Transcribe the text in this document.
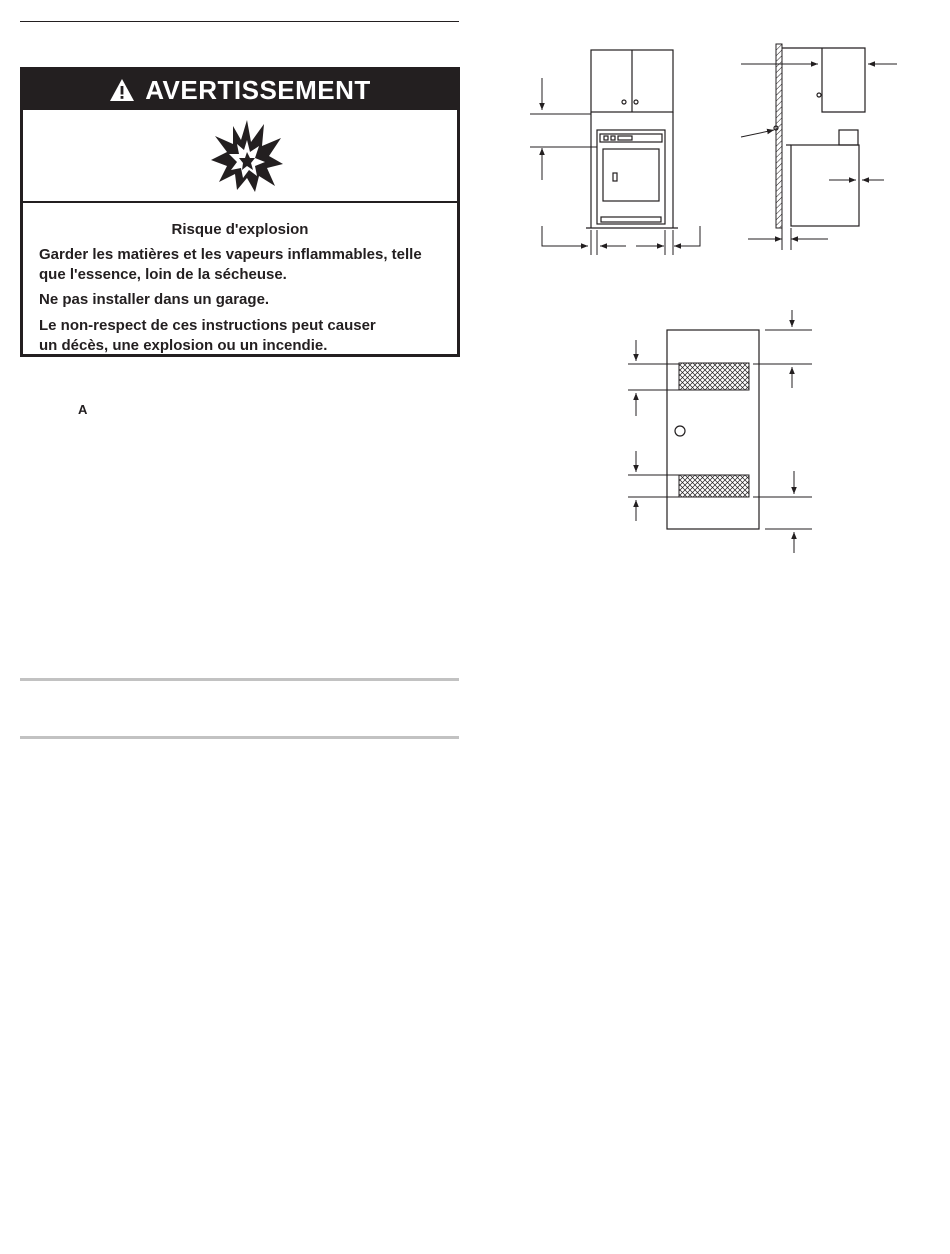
AVERTISSEMENT
Risque d'explosion
Garder les matières et les vapeurs inflammables, telle
que l'essence, loin de la sécheuse.
Ne pas installer dans un garage.
Le non-respect de ces instructions peut causer
un décès, une explosion ou un incendie.
A
